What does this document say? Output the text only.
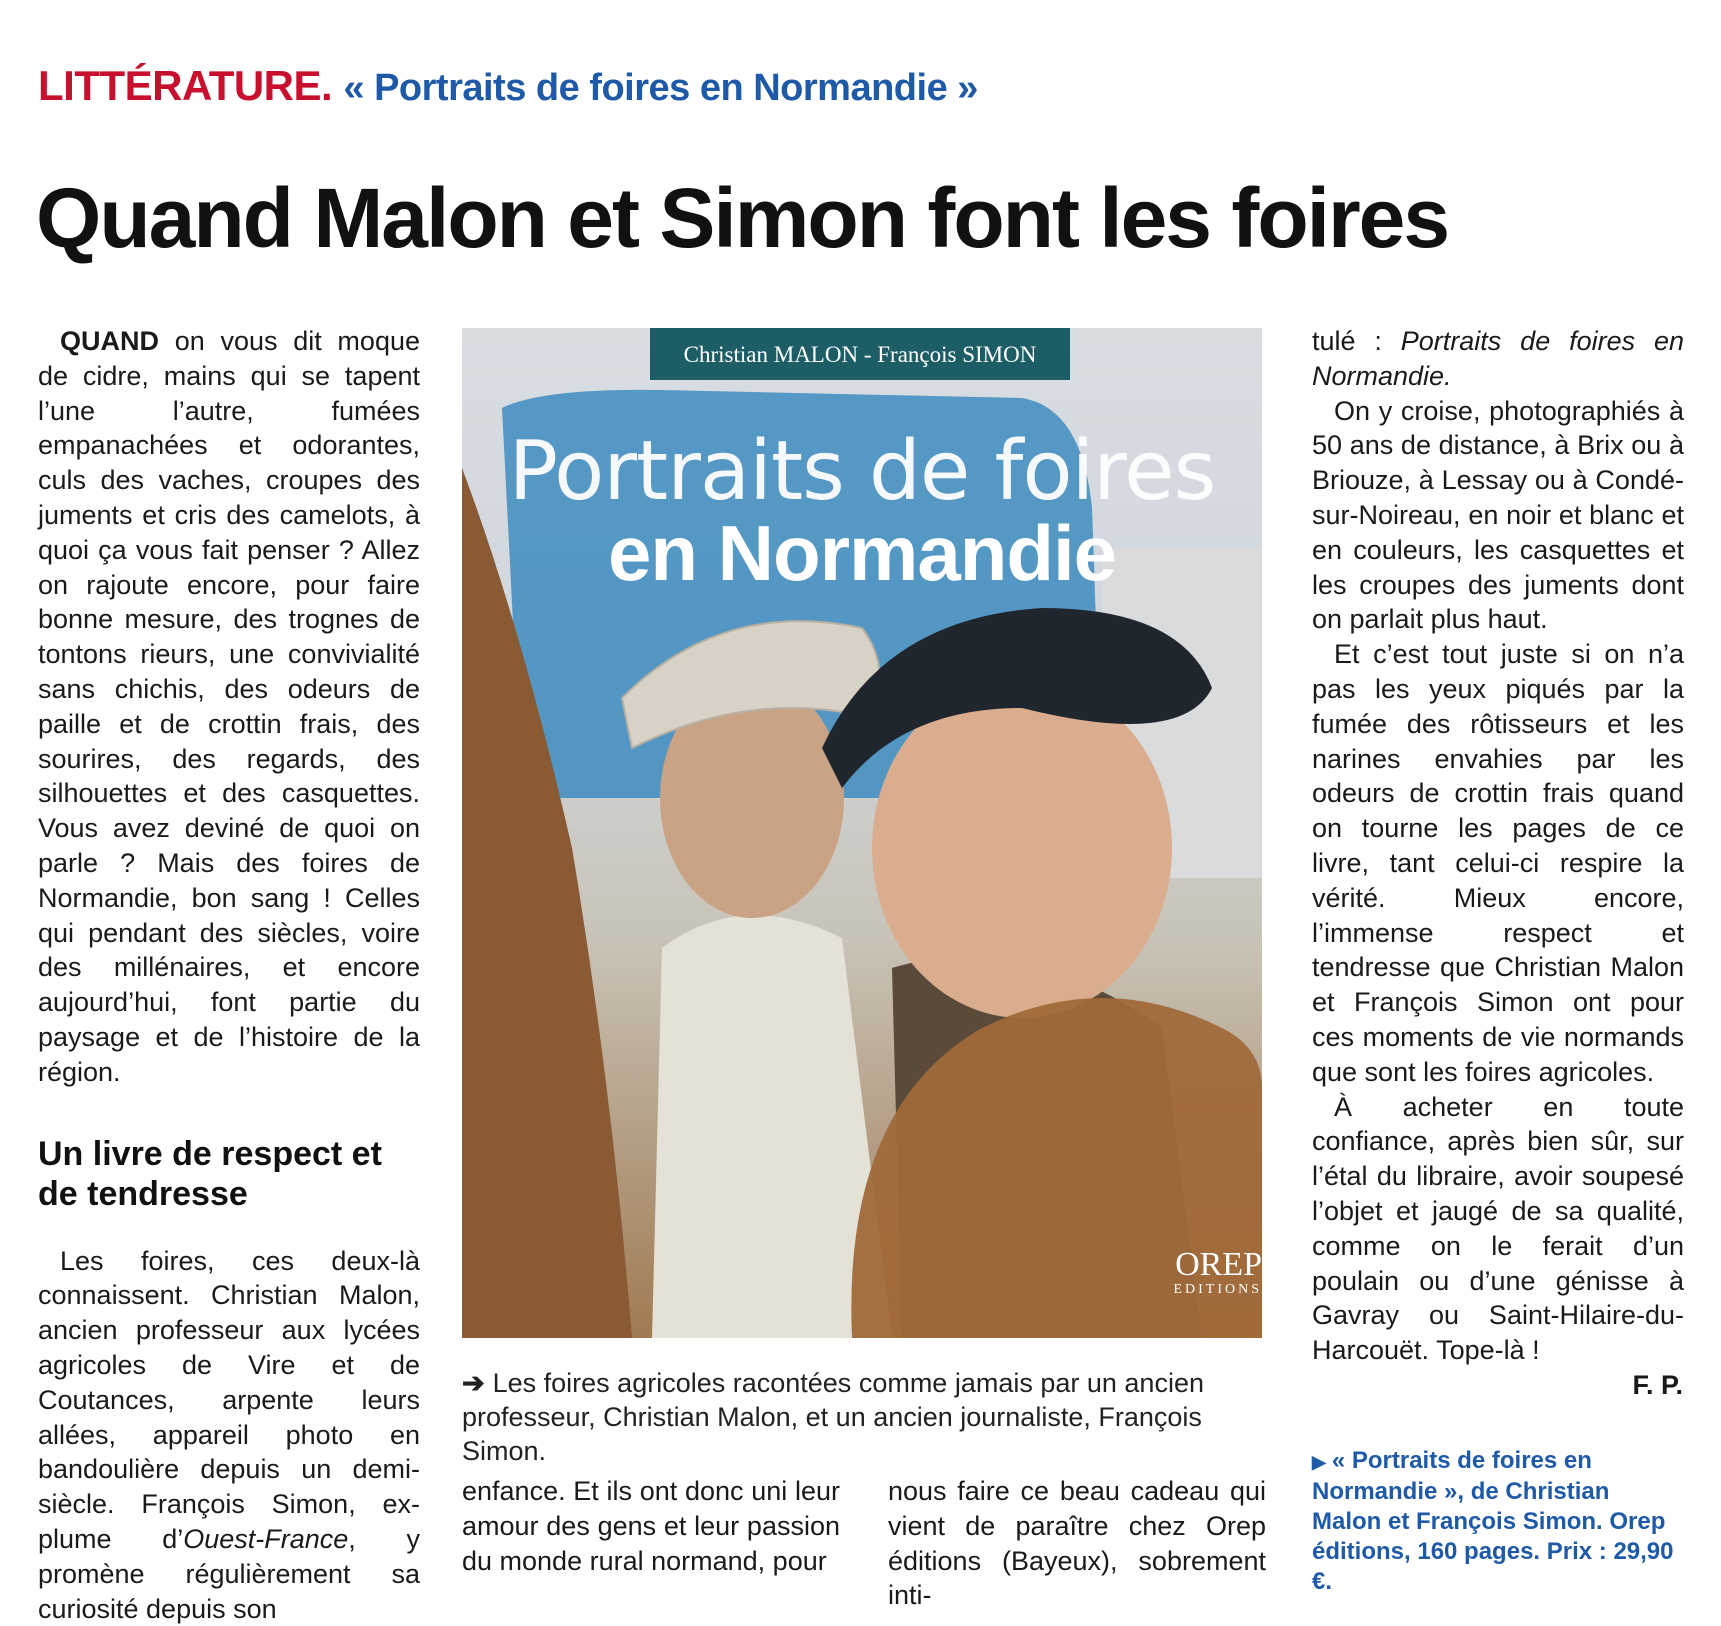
LITTÉRATURE. « Portraits de foires en Normandie »
Quand Malon et Simon font les foires

QUAND on vous dit moque de cidre, mains qui se tapent l’une l’autre, fumées empanachées et odorantes, culs des vaches, croupes des juments et cris des camelots, à quoi ça vous fait penser ? Allez on rajoute encore, pour faire bonne mesure, des trognes de tontons rieurs, une convivialité sans chichis, des odeurs de paille et de crottin frais, des sourires, des regards, des silhouettes et des casquettes. Vous avez deviné de quoi on parle ? Mais des foires de Normandie, bon sang ! Celles qui pendant des siècles, voire des millénaires, et encore aujourd’hui, font partie du paysage et de l’histoire de la région.

Un livre de respect et de tendresse

Les foires, ces deux-là connaissent. Christian Malon, ancien professeur aux lycées agricoles de Vire et de Coutances, arpente leurs allées, appareil photo en bandoulière depuis un demi-siècle. François Simon, ex-plume d’Ouest-France, y promène régulièrement sa curiosité depuis son

Christian MALON - François SIMON
Portraits de foires
en Normandie
OREP
EDITIONS
➔ Les foires agricoles racontées comme jamais par un ancien professeur, Christian Malon, et un ancien journaliste, François Simon.

enfance. Et ils ont donc uni leur amour des gens et leur passion du monde rural normand, pour

nous faire ce beau cadeau qui vient de paraître chez Orep éditions (Bayeux), sobrement inti-

tulé : Portraits de foires en Normandie.

On y croise, photographiés à 50 ans de distance, à Brix ou à Briouze, à Lessay ou à Condé-sur-Noireau, en noir et blanc et en couleurs, les casquettes et les croupes des juments dont on parlait plus haut.

Et c’est tout juste si on n’a pas les yeux piqués par la fumée des rôtisseurs et les narines envahies par les odeurs de crottin frais quand on tourne les pages de ce livre, tant celui-ci respire la vérité. Mieux encore, l’immense respect et tendresse que Christian Malon et François Simon ont pour ces moments de vie normands que sont les foires agricoles.

À acheter en toute confiance, après bien sûr, sur l’étal du libraire, avoir soupesé l’objet et jaugé de sa qualité, comme on le ferait d’un poulain ou d’une génisse à Gavray ou Saint-Hilaire-du-Harcouët. Tope-là !

F. P.
▶ « Portraits de foires en Normandie », de Christian Malon et François Simon. Orep éditions, 160 pages. Prix : 29,90 €.
